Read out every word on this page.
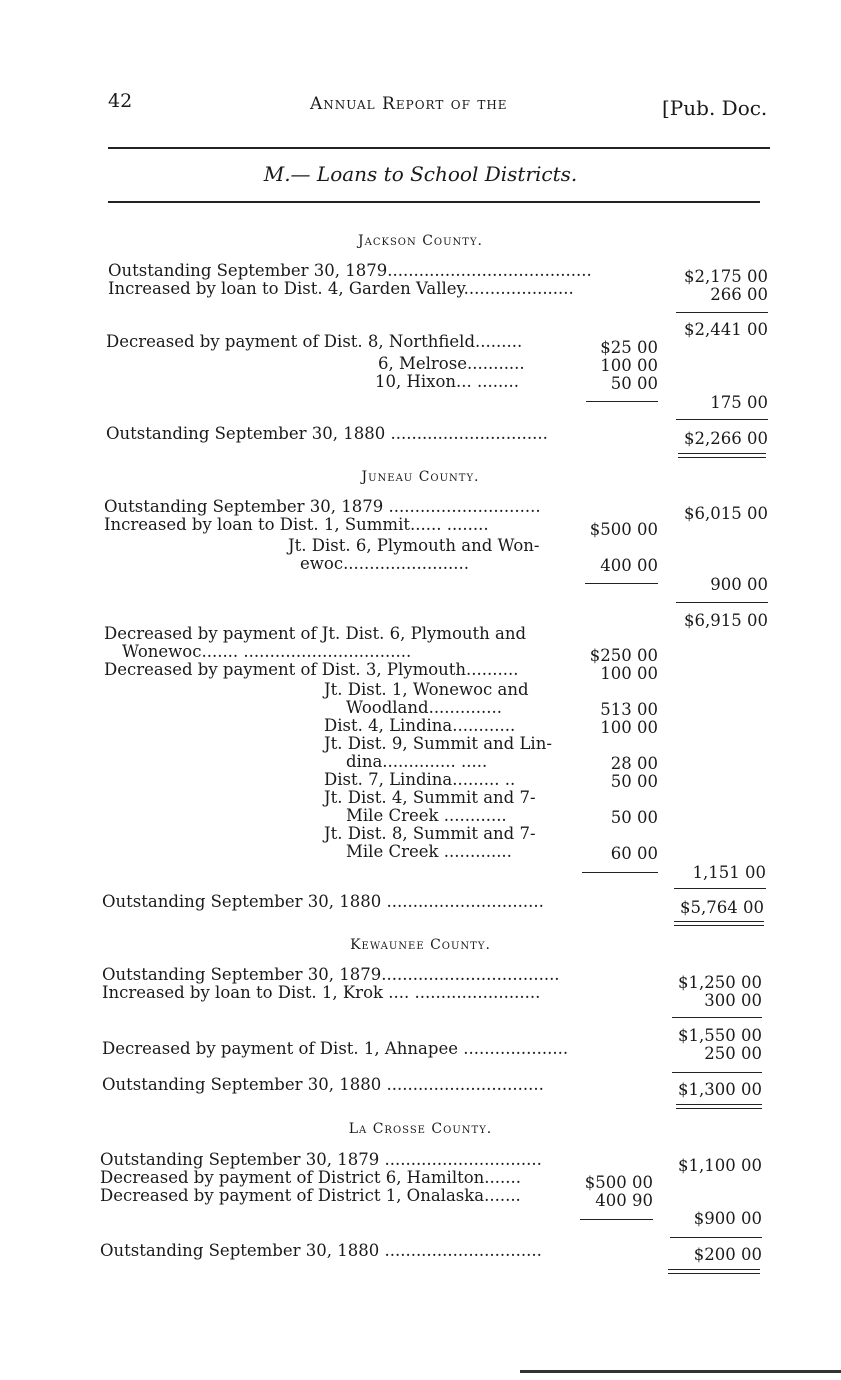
42	Annual Report of the	[Pub. Doc.
M.— Loans to School Districts.
Jackson County.
Outstanding September 30, 1879.......................................	$2,175 00
Increased by loan to Dist. 4, Garden Valley.....................	266 00
$2,441 00
Decreased by payment of Dist. 8, Northfield.........	$25 00
6, Melrose...........	100 00
10, Hixon... ........	50 00
175 00
Outstanding September 30, 1880 ..............................	$2,266 00
Juneau County.
Outstanding September 30, 1879 .............................	$6,015 00
Increased by loan to Dist. 1, Summit...... ........	$500 00
Jt. Dist. 6, Plymouth and Won-
ewoc........................	400 00
900 00
$6,915 00
Decreased by payment of Jt. Dist. 6, Plymouth and
Wonewoc....... ................................	$250 00
Decreased by payment of Dist. 3, Plymouth..........	100 00
Jt. Dist. 1, Wonewoc and
Woodland..............	513 00
Dist. 4, Lindina............	100 00
Jt. Dist. 9, Summit and Lin-
dina.............. .....	28 00
Dist. 7, Lindina......... ..	50 00
Jt. Dist. 4, Summit and 7-
Mile Creek ............	50 00
Jt. Dist. 8, Summit and 7-
Mile Creek .............	60 00
1,151 00
Outstanding September 30, 1880 ..............................	$5,764 00
Kewaunee County.
Outstanding September 30, 1879..................................	$1,250 00
Increased by loan to Dist. 1, Krok .... ........................	300 00
$1,550 00
Decreased by payment of Dist. 1, Ahnapee ....................	250 00
Outstanding September 30, 1880 ..............................	$1,300 00
La Crosse County.
Outstanding September 30, 1879 ..............................	$1,100 00
Decreased by payment of District 6, Hamilton.......	$500 00
Decreased by payment of District 1, Onalaska.......	400 90
$900 00
Outstanding September 30, 1880 ..............................	$200 00
